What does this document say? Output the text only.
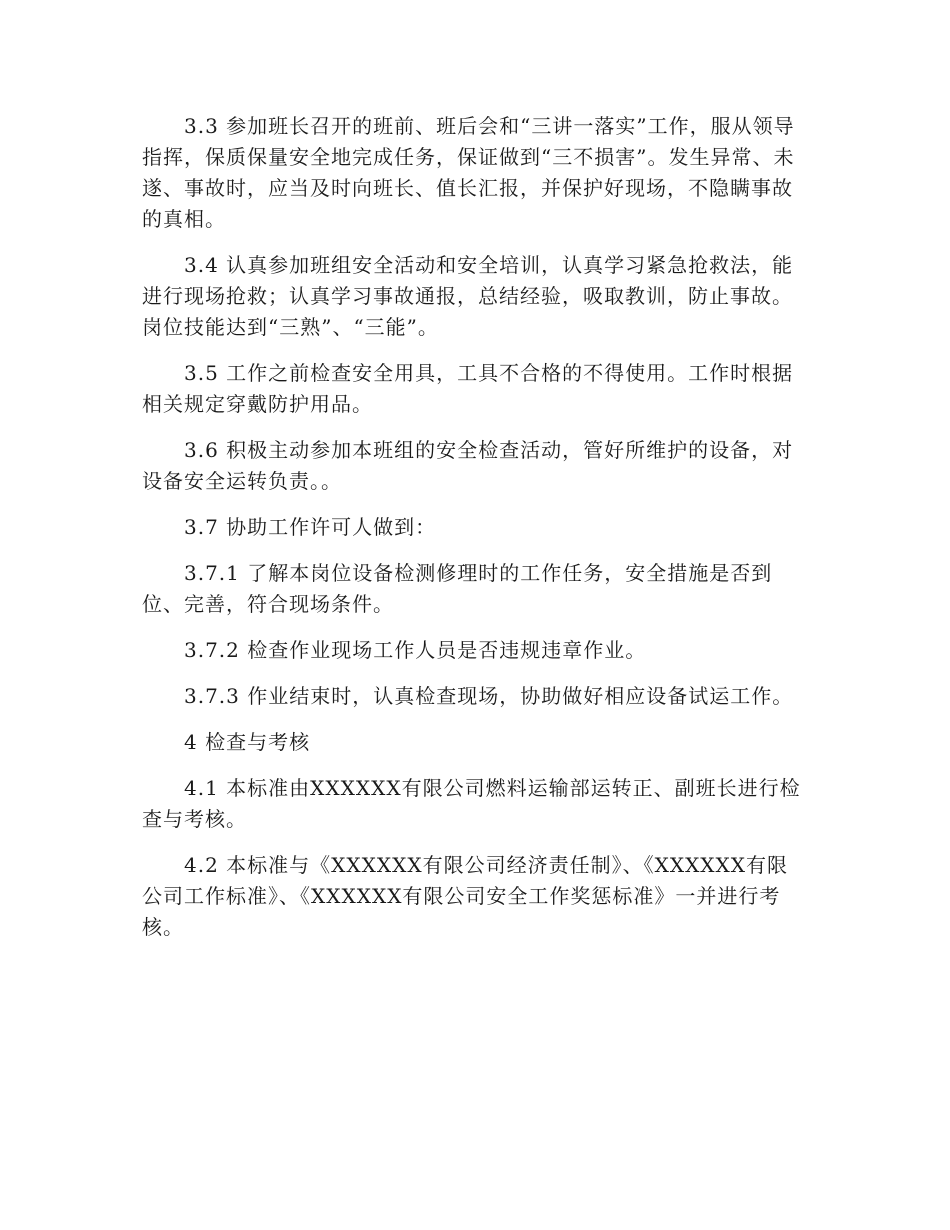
3.3 参加班长召开的班前、班后会和“三讲一落实”工作，服从领导指挥，保质保量安全地完成任务，保证做到“三不损害”。发生异常、未遂、事故时，应当及时向班长、值长汇报，并保护好现场，不隐瞒事故的真相。

3.4 认真参加班组安全活动和安全培训，认真学习紧急抢救法，能进行现场抢救；认真学习事故通报，总结经验，吸取教训，防止事故。岗位技能达到“三熟”、“三能”。

3.5 工作之前检查安全用具，工具不合格的不得使用。工作时根据相关规定穿戴防护用品。

3.6 积极主动参加本班组的安全检查活动，管好所维护的设备，对设备安全运转负责。。

3.7 协助工作许可人做到：

3.7.1 了解本岗位设备检测修理时的工作任务，安全措施是否到位、完善，符合现场条件。

3.7.2 检查作业现场工作人员是否违规违章作业。

3.7.3 作业结束时，认真检查现场，协助做好相应设备试运工作。

4 检查与考核

4.1 本标准由XXXXXX有限公司燃料运输部运转正、副班长进行检查与考核。

4.2 本标准与《XXXXXX有限公司经济责任制》、《XXXXXX有限公司工作标准》、《XXXXXX有限公司安全工作奖惩标准》一并进行考核。
